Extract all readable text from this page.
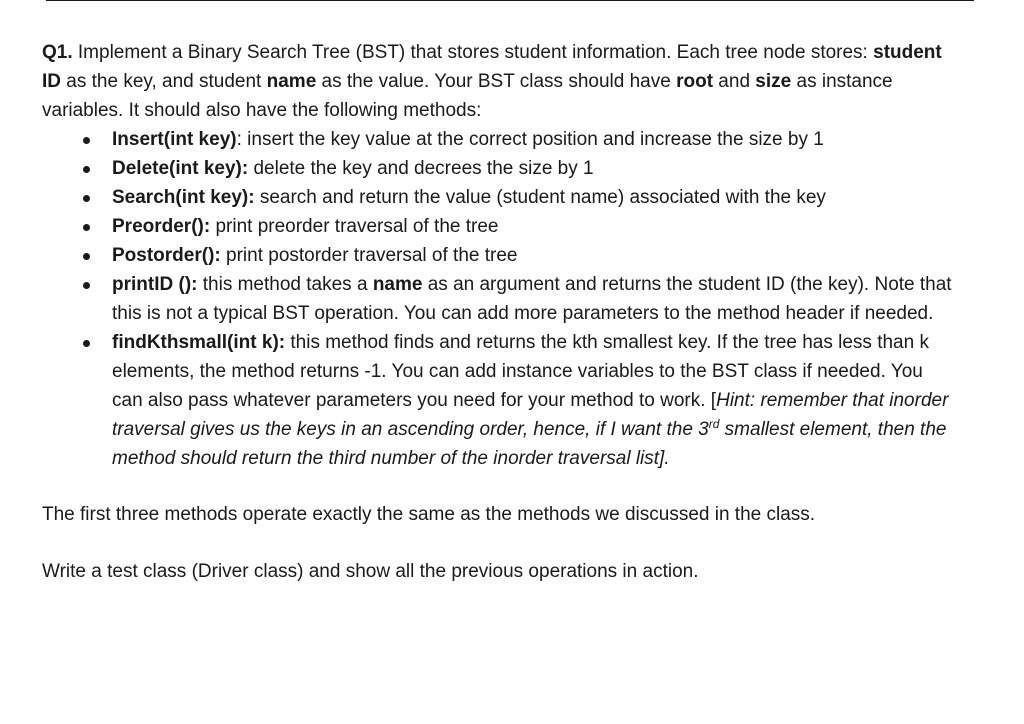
Q1. Implement a Binary Search Tree (BST) that stores student information. Each tree node stores: student ID as the key, and student name as the value. Your BST class should have root and size as instance variables. It should also have the following methods:

Insert(int key): insert the key value at the correct position and increase the size by 1
Delete(int key): delete the key and decrees the size by 1
Search(int key): search and return the value (student name) associated with the key
Preorder(): print preorder traversal of the tree
Postorder(): print postorder traversal of the tree
printID (): this method takes a name as an argument and returns the student ID (the key). Note that this is not a typical BST operation. You can add more parameters to the method header if needed.
findKthsmall(int k): this method finds and returns the kth smallest key. If the tree has less than k elements, the method returns -1. You can add instance variables to the BST class if needed. You can also pass whatever parameters you need for your method to work. [Hint: remember that inorder traversal gives us the keys in an ascending order, hence, if I want the 3rd smallest element, then the method should return the third number of the inorder traversal list].

The first three methods operate exactly the same as the methods we discussed in the class.

Write a test class (Driver class) and show all the previous operations in action.
